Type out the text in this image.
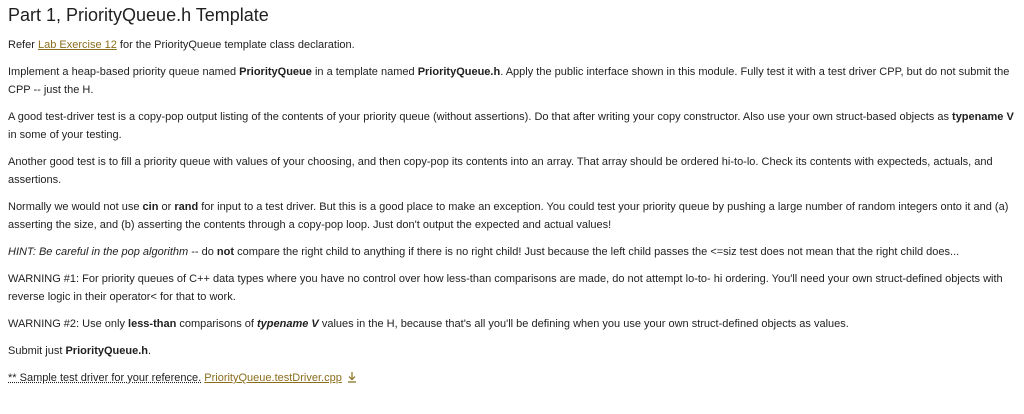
Part 1, PriorityQueue.h Template

Refer Lab Exercise 12 for the PriorityQueue template class declaration.

Implement a heap-based priority queue named PriorityQueue in a template named PriorityQueue.h. Apply the public interface shown in this module. Fully test it with a test driver CPP, but do not submit the CPP -- just the H.

A good test-driver test is a copy-pop output listing of the contents of your priority queue (without assertions). Do that after writing your copy constructor. Also use your own struct-based objects as typename V in some of your testing.

Another good test is to fill a priority queue with values of your choosing, and then copy-pop its contents into an array. That array should be ordered hi-to-lo. Check its contents with expecteds, actuals, and assertions.

Normally we would not use cin or rand for input to a test driver. But this is a good place to make an exception. You could test your priority queue by pushing a large number of random integers onto it and (a) asserting the size, and (b) asserting the contents through a copy-pop loop. Just don't output the expected and actual values!

HINT: Be careful in the pop algorithm -- do not compare the right child to anything if there is no right child! Just because the left child passes the <=siz test does not mean that the right child does...

WARNING #1: For priority queues of C++ data types where you have no control over how less-than comparisons are made, do not attempt lo-to- hi ordering. You'll need your own struct-defined objects with reverse logic in their operator< for that to work.

WARNING #2: Use only less-than comparisons of typename V values in the H, because that's all you'll be defining when you use your own struct-defined objects as values.

Submit just PriorityQueue.h.

** Sample test driver for your reference. PriorityQueue.testDriver.cpp
